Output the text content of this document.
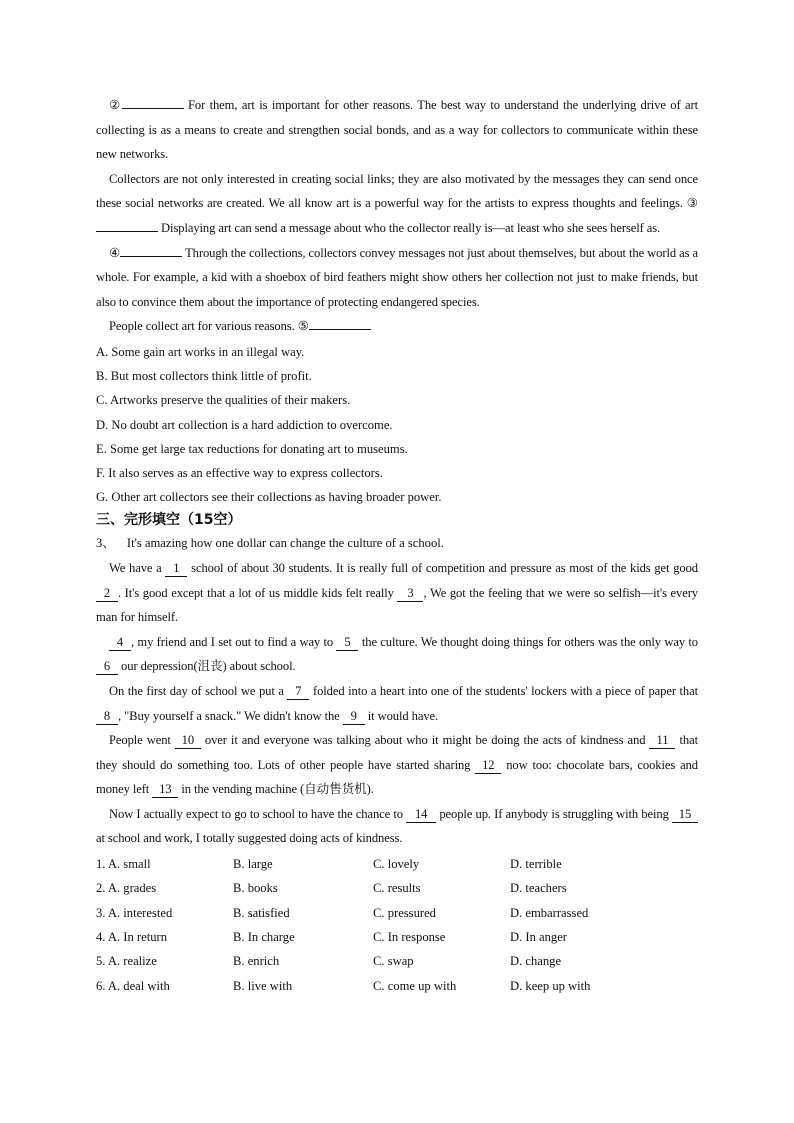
②	For them, art is important for other reasons. The best way to understand the underlying drive of art collecting is as a means to create and strengthen social bonds, and as a way for collectors to communicate within these new networks.

Collectors are not only interested in creating social links; they are also motivated by the messages they can send once these social networks are created. We all know art is a powerful way for the artists to express thoughts and feelings. ③ Displaying art can send a message about who the collector really is—at least who she sees herself as.

④	Through the collections, collectors convey messages not just about themselves, but about the world as a whole. For example, a kid with a shoebox of bird feathers might show others her collection not just to make friends, but also to convince them about the importance of protecting endangered species.

People collect art for various reasons. ⑤

A. Some gain art works in an illegal way.

B. But most collectors think little of profit.

C. Artworks preserve the qualities of their makers.

D. No doubt art collection is a hard addiction to overcome.

E. Some get large tax reductions for donating art to museums.

F. It also serves as an effective way to express collectors.

G. Other art collectors see their collections as having broader power.

三、完形填空（15空）

3、 It's amazing how one dollar can change the culture of a school.

We have a 1 school of about 30 students. It is really full of competition and pressure as most of the kids get good 2 . It's good except that a lot of us middle kids felt really 3 , We got the feeling that we were so selfish—it's every man for himself.

4 , my friend and I set out to find a way to 5 the culture. We thought doing things for others was the only way to 6 our depression(沮丧) about school.

On the first day of school we put a 7 folded into a heart into one of the students' lockers with a piece of paper that 8 , "Buy yourself a snack." We didn't know the 9 it would have.

People went 10 over it and everyone was talking about who it might be doing the acts of kindness and 11 that they should do something too. Lots of other people have started sharing 12 now too: chocolate bars, cookies and money left 13 in the vending machine (自动售货机).

Now I actually expect to go to school to have the chance to 14 people up. If anybody is struggling with being 15 at school and work, I totally suggested doing acts of kindness.

1. A. small	B. large	C. lovely	D. terrible
2. A. grades	B. books	C. results	D. teachers
3. A. interested	B. satisfied	C. pressured	D. embarrassed
4. A. In return	B. In charge	C. In response	D. In anger
5. A. realize	B. enrich	C. swap	D. change
6. A. deal with	B. live with	C. come up with	D. keep up with
